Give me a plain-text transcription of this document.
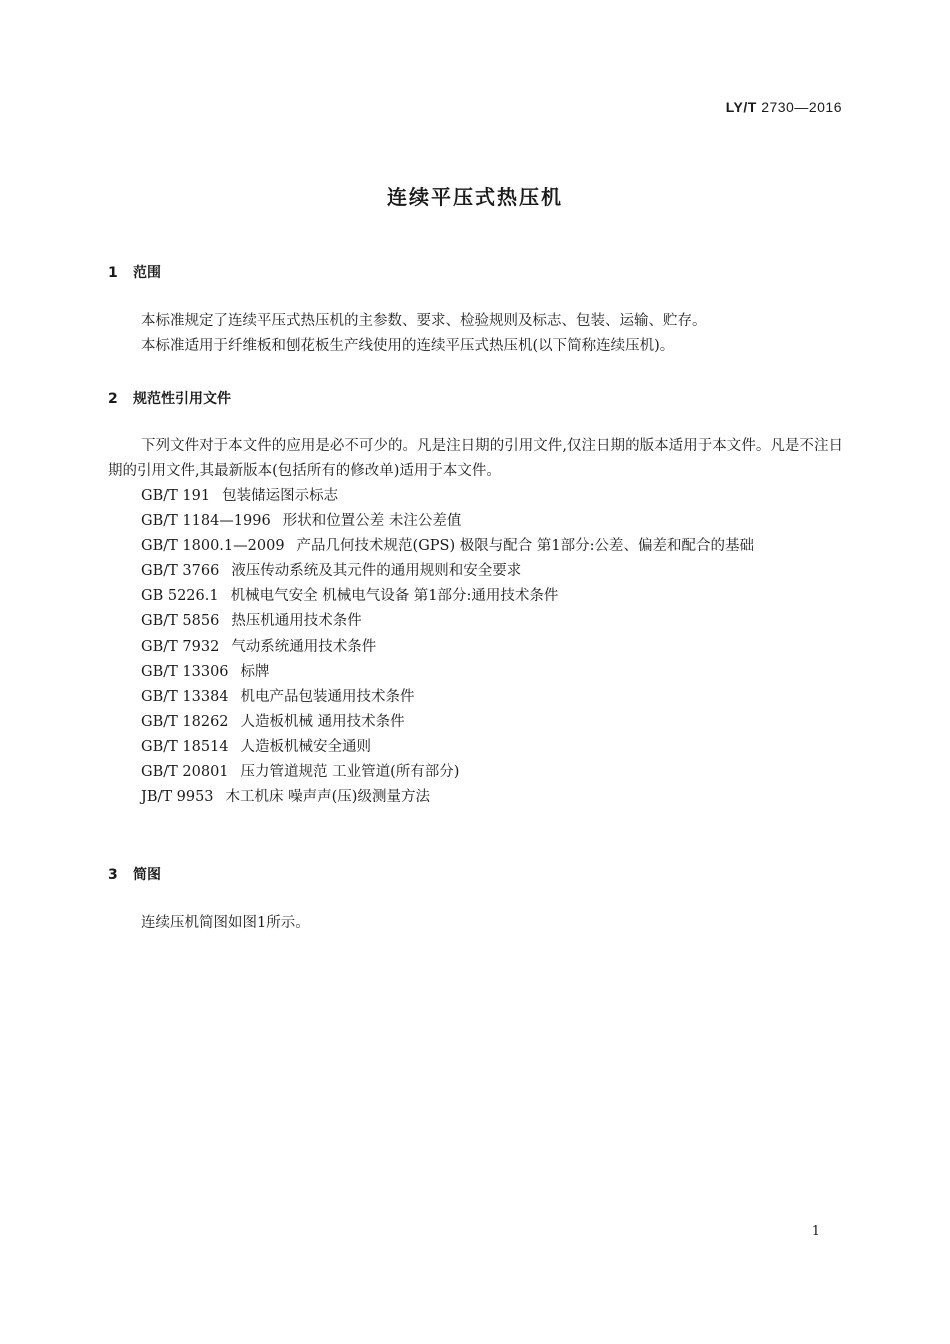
LY/T 2730—2016
连续平压式热压机
1 范围

本标准规定了连续平压式热压机的主参数、要求、检验规则及标志、包装、运输、贮存。

本标准适用于纤维板和刨花板生产线使用的连续平压式热压机(以下简称连续压机)。

2 规范性引用文件

下列文件对于本文件的应用是必不可少的。凡是注日期的引用文件,仅注日期的版本适用于本文件。凡是不注日期的引用文件,其最新版本(包括所有的修改单)适用于本文件。

GB/T 191 包装储运图示标志
GB/T 1184—1996 形状和位置公差 未注公差值
GB/T 1800.1—2009 产品几何技术规范(GPS) 极限与配合 第1部分:公差、偏差和配合的基础
GB/T 3766 液压传动系统及其元件的通用规则和安全要求
GB 5226.1 机械电气安全 机械电气设备 第1部分:通用技术条件
GB/T 5856 热压机通用技术条件
GB/T 7932 气动系统通用技术条件
GB/T 13306 标牌
GB/T 13384 机电产品包装通用技术条件
GB/T 18262 人造板机械 通用技术条件
GB/T 18514 人造板机械安全通则
GB/T 20801 压力管道规范 工业管道(所有部分)
JB/T 9953 木工机床 噪声声(压)级测量方法
3 简图

连续压机简图如图1所示。

1
